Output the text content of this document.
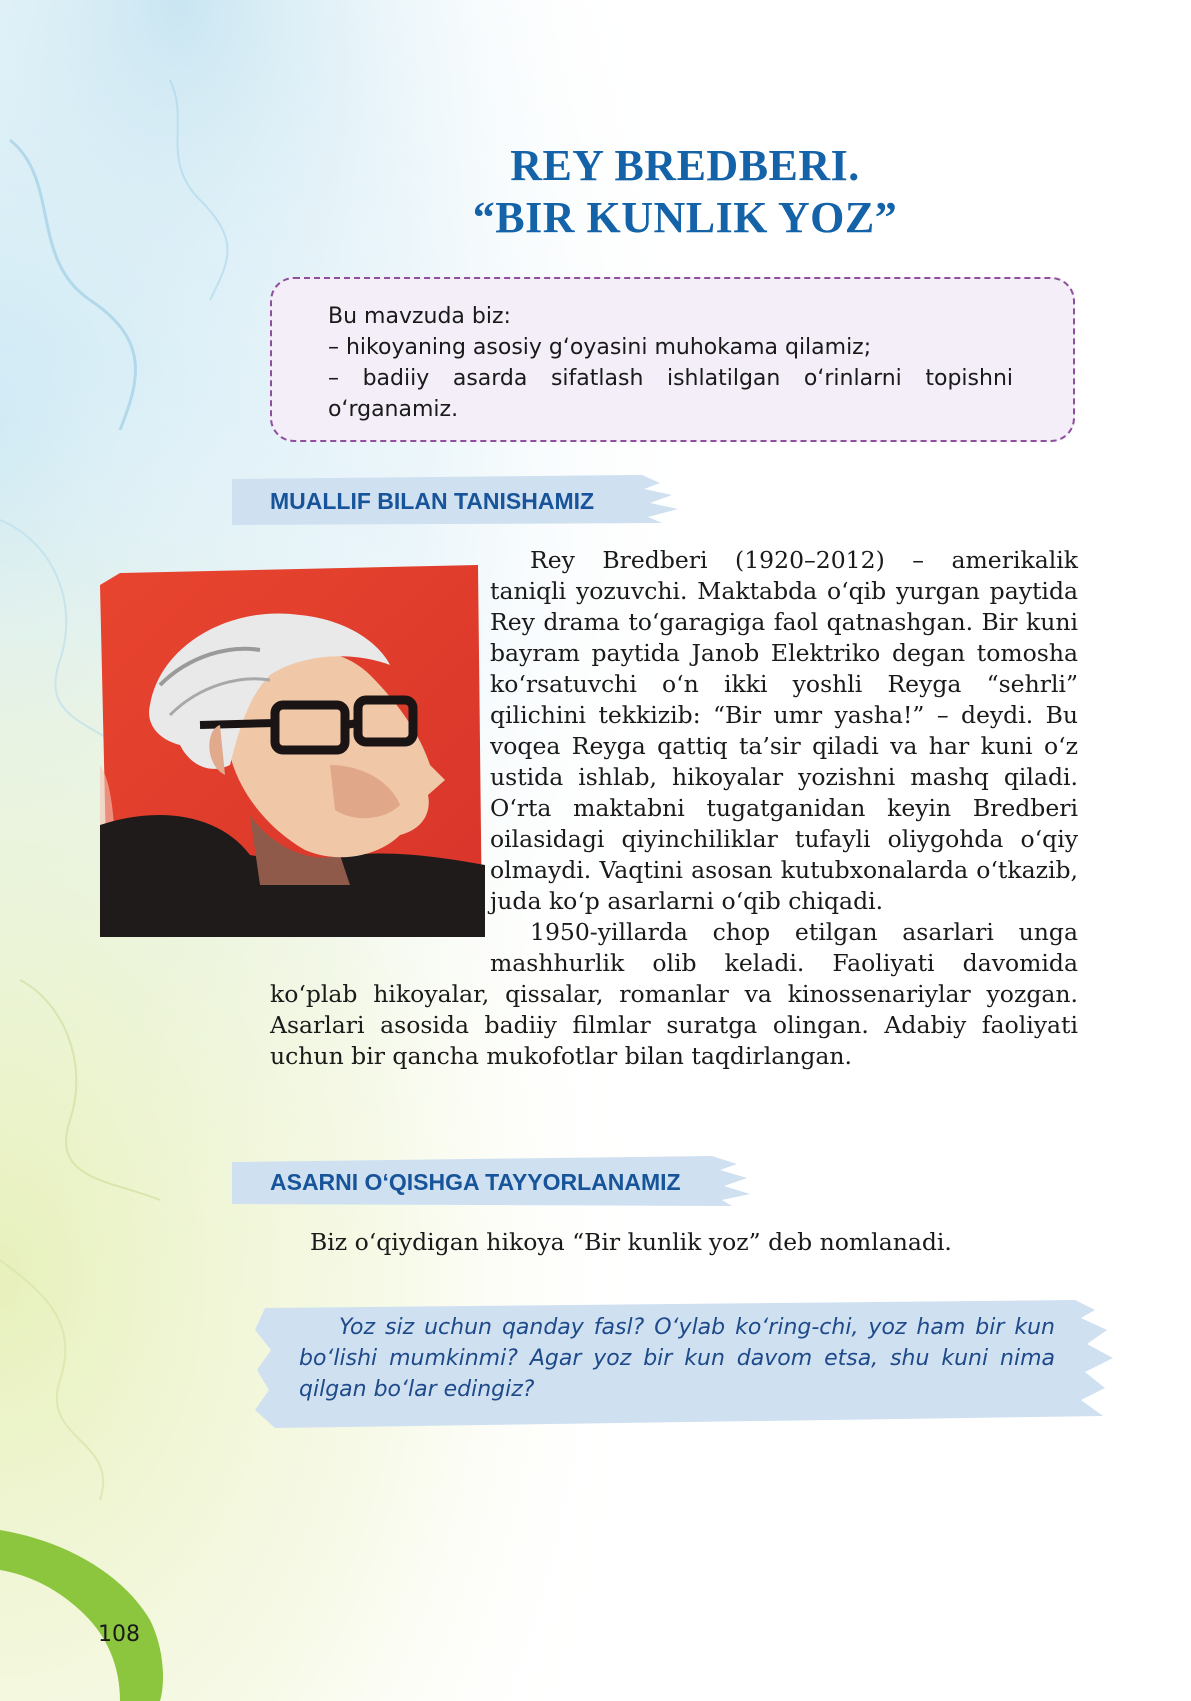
REY BREDBERI.
“BIR KUNLIK YOZ”

Bu mavzuda biz:

– hikoyaning asosiy g‘oyasini muhokama qilamiz;

– badiiy asarda sifatlash ishlatilgan o‘rinlarni topishni o‘rganamiz.

MUALLIF BILAN TANISHAMIZ

Rey Bredberi (1920–2012) – amerikalik taniqli yozuvchi. Maktabda o‘qib yurgan paytida Rey drama to‘garagiga faol qatnashgan. Bir kuni bayram paytida Janob Elektriko degan tomosha ko‘rsatuvchi o‘n ikki yoshli Reyga “sehrli” qilichini tekkizib: “Bir umr yasha!” – deydi. Bu voqea Reyga qattiq ta’sir qiladi va har kuni o‘z ustida ishlab, hikoyalar yozishni mashq qiladi. O‘rta maktabni tugatganidan keyin Bredberi oilasidagi qiyinchiliklar tufayli oliygohda o‘qiy olmaydi. Vaqtini asosan kutubxonalarda o‘tkazib, juda ko‘p asarlarni o‘qib chiqadi.

1950-yillarda chop etilgan asarlari unga mashhurlik olib keladi. Faoliyati davomida ko‘plab hikoyalar, qissalar, romanlar va kinossenariylar yozgan. Asarlari asosida badiiy filmlar suratga olingan. Adabiy faoliyati uchun bir qancha mukofotlar bilan taqdirlangan.

ASARNI O‘QISHGA TAYYORLANAMIZ
Biz o‘qiydigan hikoya “Bir kunlik yoz” deb nomlanadi.

Yoz siz uchun qanday fasl? O‘ylab ko‘ring-chi, yoz ham bir kun bo‘lishi mumkinmi? Agar yoz bir kun davom etsa, shu kuni nima qilgan bo‘lar edingiz?

108
